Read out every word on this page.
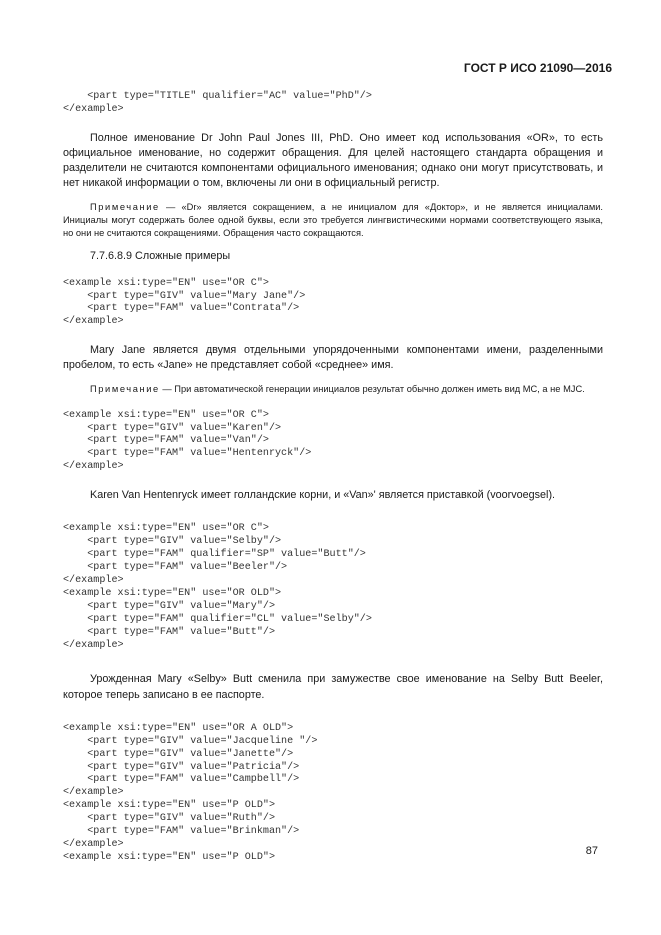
ГОСТ Р ИСО 21090—2016
<part type="TITLE" qualifier="AC" value="PhD"/>
</example>

Полное именование Dr John Paul Jones III, PhD. Оно имеет код использования «OR», то есть официальное именование, но содержит обращения. Для целей настоящего стандарта обращения и разделители не считаются компонентами официального именования; однако они могут присутствовать, и нет никакой информации о том, включены ли они в официальный регистр.

Примечание — «Dr» является сокращением, а не инициалом для «Доктор», и не является инициалами. Инициалы могут содержать более одной буквы, если это требуется лингвистическими нормами соответствующего языка, но они не считаются сокращениями. Обращения часто сокращаются.

7.7.6.8.9 Сложные примеры

<example xsi:type="EN" use="OR C">
<part type="GIV" value="Mary Jane"/>
<part type="FAM" value="Contrata"/>
</example>

Mary Jane является двумя отдельными упорядоченными компонентами имени, разделенными пробелом, то есть «Jane» не представляет собой «среднее» имя.

Примечание — При автоматической генерации инициалов результат обычно должен иметь вид МС, а не MJC.

<example xsi:type="EN" use="OR C">
<part type="GIV" value="Karen"/>
<part type="FAM" value="Van"/>
<part type="FAM" value="Hentenryck"/>
</example>

Karen Van Hentenryck имеет голландские корни, и «Van»' является приставкой (voorvoegsel).

<example xsi:type="EN" use="OR C">
<part type="GIV" value="Selby"/>
<part type="FAM" qualifier="SP" value="Butt"/>
<part type="FAM" value="Beeler"/>
</example>
<example xsi:type="EN" use="OR OLD">
<part type="GIV" value="Mary"/>
<part type="FAM" qualifier="CL" value="Selby"/>
<part type="FAM" value="Butt"/>
</example>

Урожденная Mary «Selby» Butt сменила при замужестве свое именование на Selby Butt Beeler, которое теперь записано в ее паспорте.

<example xsi:type="EN" use="OR A OLD">
<part type="GIV" value="Jacqueline "/>
<part type="GIV" value="Janette"/>
<part type="GIV" value="Patricia"/>
<part type="FAM" value="Campbell"/>
</example>
<example xsi:type="EN" use="P OLD">
<part type="GIV" value="Ruth"/>
<part type="FAM" value="Brinkman"/>
</example>
<example xsi:type="EN" use="P OLD">
87
